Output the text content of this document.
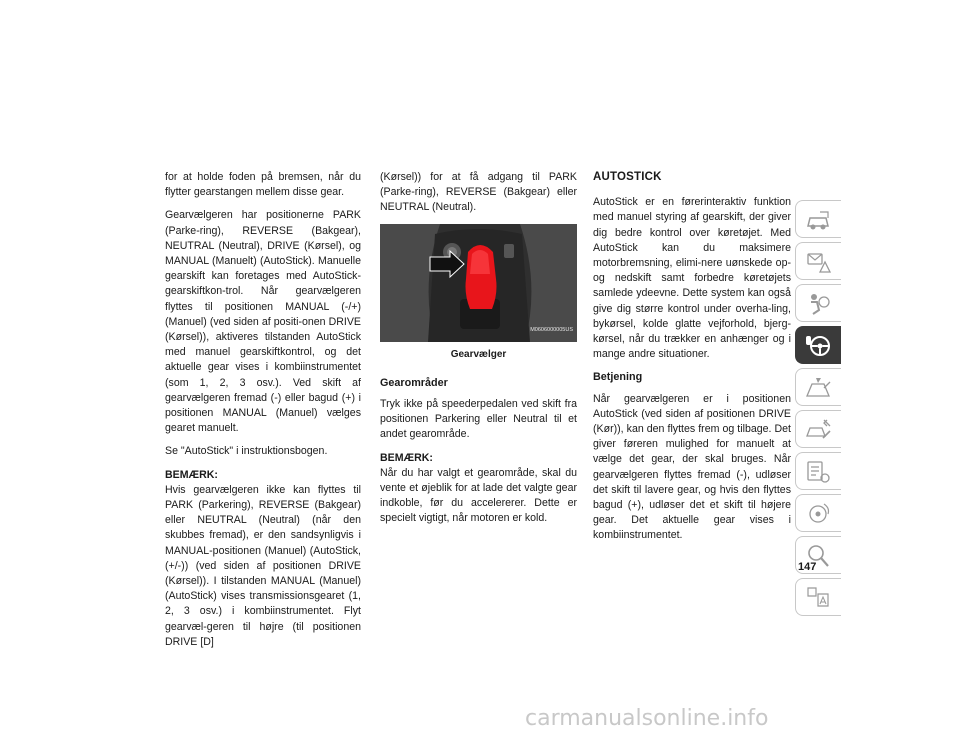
for at holde foden på bremsen, når du flytter gearstangen mellem disse gear.

Gearvælgeren har positionerne PARK (Parke-ring), REVERSE (Bakgear), NEUTRAL (Neutral), DRIVE (Kørsel), og MANUAL (Manuelt) (AutoStick). Manuelle gearskift kan foretages med AutoStick-gearskiftkon-trol. Når gearvælgeren flyttes til positionen MANUAL (-/+) (Manuel) (ved siden af positi-onen DRIVE (Kørsel)), aktiveres tilstanden AutoStick med manuel gearskiftkontrol, og det aktuelle gear vises i kombiinstrumentet (som 1, 2, 3 osv.). Ved skift af gearvælgeren fremad (-) eller bagud (+) i positionen MANUAL (Manuel) vælges gearet manuelt.

Se "AutoStick" i instruktionsbogen.

BEMÆRK:
Hvis gearvælgeren ikke kan flyttes til PARK (Parkering), REVERSE (Bakgear) eller NEUTRAL (Neutral) (når den skubbes fremad), er den sandsynligvis i MANUAL-positionen (Manuel) (AutoStick, (+/-)) (ved siden af positionen DRIVE (Kørsel)). I tilstanden MANUAL (Manuel) (AutoStick) vises transmissionsgearet (1, 2, 3 osv.) i kombiinstrumentet. Flyt gearvæl-geren til højre (til positionen DRIVE [D]

(Kørsel)) for at få adgang til PARK (Parke-ring), REVERSE (Bakgear) eller NEUTRAL (Neutral).

M0606000005US
Gearvælger
Gearområder

Tryk ikke på speederpedalen ved skift fra positionen Parkering eller Neutral til et andet gearområde.

BEMÆRK:
Når du har valgt et gearområde, skal du vente et øjeblik for at lade det valgte gear indkoble, før du accelererer. Dette er specielt vigtigt, når motoren er kold.

AUTOSTICK

AutoStick er en førerinteraktiv funktion med manuel styring af gearskift, der giver dig bedre kontrol over køretøjet. Med AutoStick kan du maksimere motorbremsning, elimi-nere uønskede op- og nedskift samt forbedre køretøjets samlede ydeevne. Dette system kan også give dig større kontrol under overha-ling, bykørsel, kolde glatte vejforhold, bjerg-kørsel, når du trækker en anhænger og i mange andre situationer.

Betjening

Når gearvælgeren er i positionen AutoStick (ved siden af positionen DRIVE (Kør)), kan den flyttes frem og tilbage. Det giver føreren mulighed for manuelt at vælge det gear, der skal bruges. Når gearvælgeren flyttes fremad (-), udløser det skift til lavere gear, og hvis den flyttes bagud (+), udløser det et skift til højere gear. Det aktuelle gear vises i kombiinstrumentet.

147
carmanualsonline.info
